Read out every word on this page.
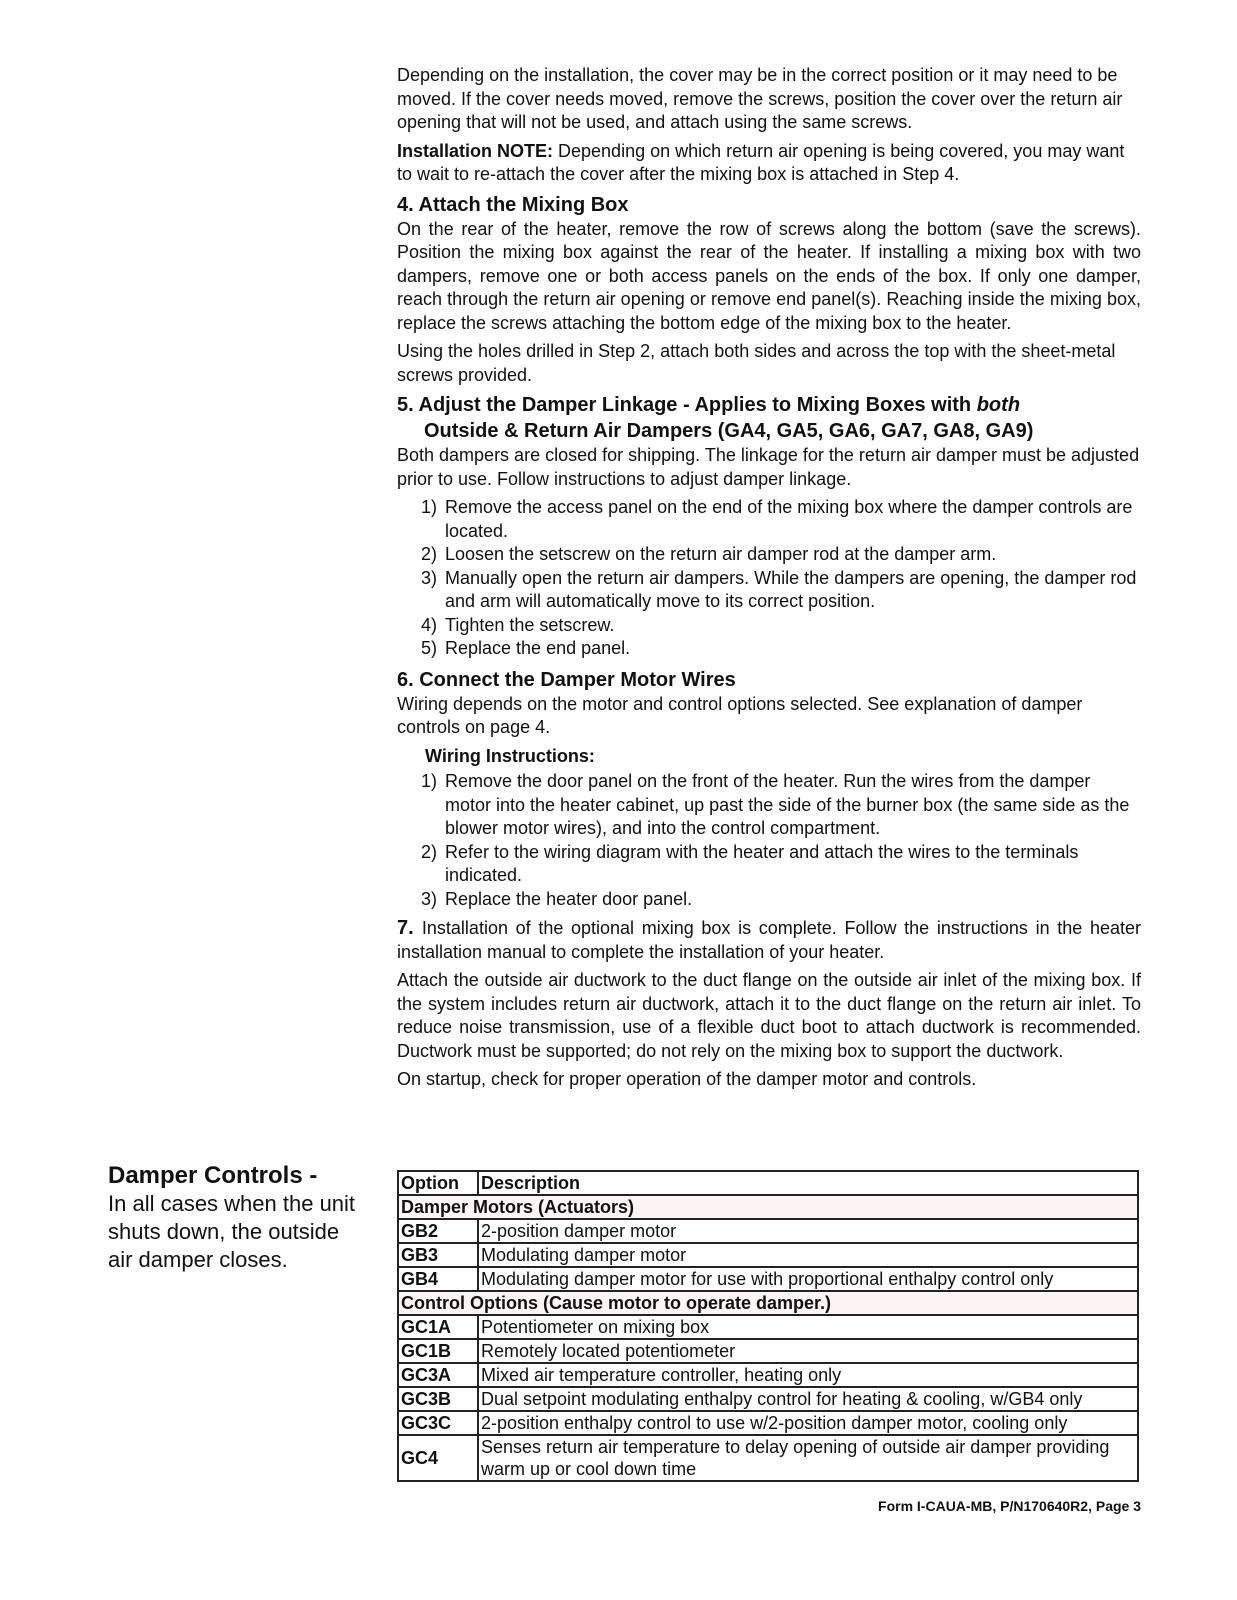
Depending on the installation, the cover may be in the correct position or it may need to be moved. If the cover needs moved, remove the screws, position the cover over the return air opening that will not be used, and attach using the same screws.

Installation NOTE: Depending on which return air opening is being covered, you may want to wait to re-attach the cover after the mixing box is attached in Step 4.

4. Attach the Mixing Box

On the rear of the heater, remove the row of screws along the bottom (save the screws). Position the mixing box against the rear of the heater. If installing a mixing box with two dampers, remove one or both access panels on the ends of the box. If only one damper, reach through the return air opening or remove end panel(s). Reaching inside the mixing box, replace the screws attaching the bottom edge of the mixing box to the heater.

Using the holes drilled in Step 2, attach both sides and across the top with the sheet-metal screws provided.

5. Adjust the Damper Linkage - Applies to Mixing Boxes with both
Outside & Return Air Dampers (GA4, GA5, GA6, GA7, GA8, GA9)

Both dampers are closed for shipping. The linkage for the return air damper must be adjusted prior to use. Follow instructions to adjust damper linkage.

1) Remove the access panel on the end of the mixing box where the damper controls are located.
2) Loosen the setscrew on the return air damper rod at the damper arm.
3) Manually open the return air dampers. While the dampers are opening, the damper rod and arm will automatically move to its correct position.
4) Tighten the setscrew.
5) Replace the end panel.
6. Connect the Damper Motor Wires

Wiring depends on the motor and control options selected. See explanation of damper controls on page 4.

Wiring Instructions:
1) Remove the door panel on the front of the heater. Run the wires from the damper motor into the heater cabinet, up past the side of the burner box (the same side as the blower motor wires), and into the control compartment.
2) Refer to the wiring diagram with the heater and attach the wires to the terminals indicated.
3) Replace the heater door panel.

7. Installation of the optional mixing box is complete. Follow the instructions in the heater installation manual to complete the installation of your heater.

Attach the outside air ductwork to the duct flange on the outside air inlet of the mixing box. If the system includes return air ductwork, attach it to the duct flange on the return air inlet. To reduce noise transmission, use of a flexible duct boot to attach ductwork is recommended. Ductwork must be supported; do not rely on the mixing box to support the ductwork.

On startup, check for proper operation of the damper motor and controls.

Damper Controls -
In all cases when the unit shuts down, the outside air damper closes.
Option	Description
Damper Motors (Actuators)	
GB2	2-position damper motor
GB3	Modulating damper motor
GB4	Modulating damper motor for use with proportional enthalpy control only
Control Options (Cause motor to operate damper.)	
GC1A	Potentiometer on mixing box
GC1B	Remotely located potentiometer
GC3A	Mixed air temperature controller, heating only
GC3B	Dual setpoint modulating enthalpy control for heating & cooling, w/GB4 only
GC3C	2-position enthalpy control to use w/2-position damper motor, cooling only
GC4	Senses return air temperature to delay opening of outside air damper providing warm up or cool down time
Form I-CAUA-MB, P/N170640R2, Page 3
